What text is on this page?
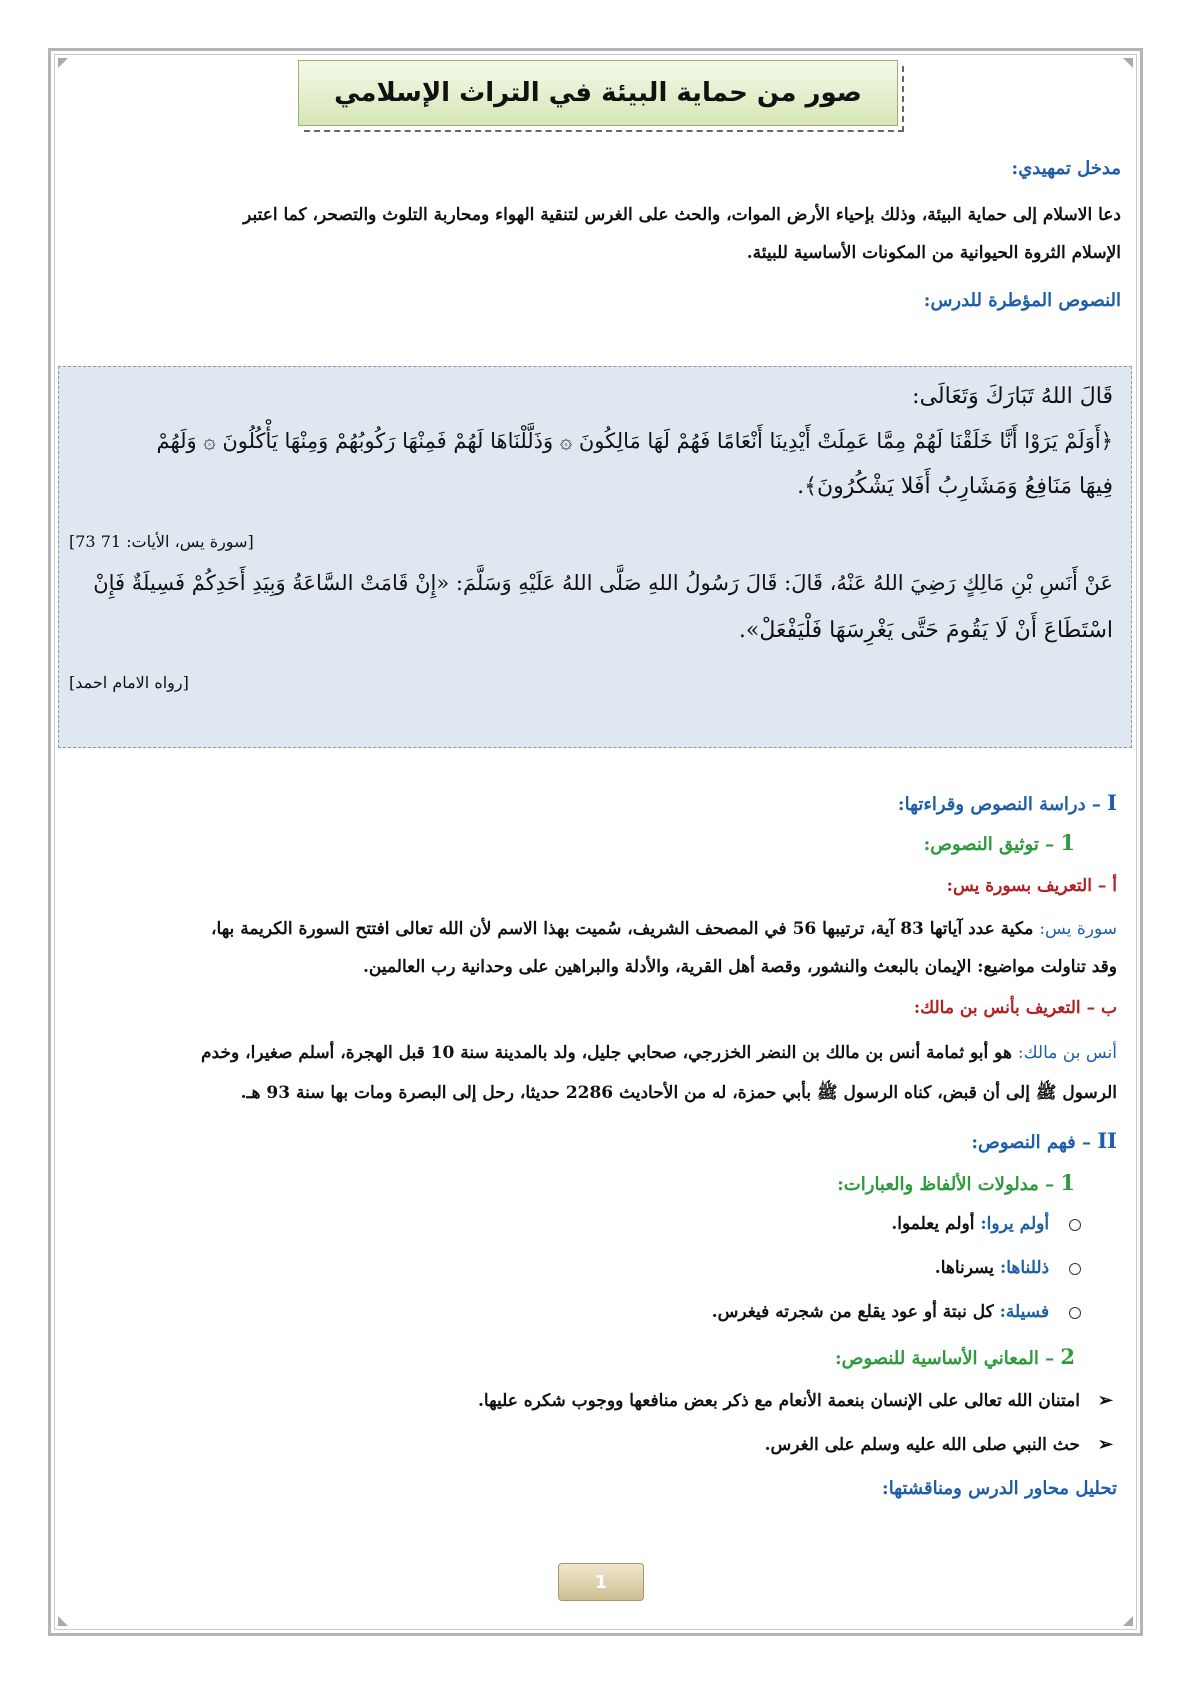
صور من حماية البيئة في التراث الإسلامي
مدخل تمهيدي:
دعا الاسلام إلى حماية البيئة، وذلك بإحياء الأرض الموات، والحث على الغرس لتنقية الهواء ومحاربة التلوث والتصحر، كما اعتبر
الإسلام الثروة الحيوانية من المكونات الأساسية للبيئة.
النصوص المؤطرة للدرس:
قَالَ اللهُ تَبَارَكَ وَتَعَالَى:
﴿أَوَلَمْ يَرَوْا أَنَّا خَلَقْنَا لَهُمْ مِمَّا عَمِلَتْ أَيْدِينَا أَنْعَامًا فَهُمْ لَهَا مَالِكُونَ ۞ وَذَلَّلْنَاهَا لَهُمْ فَمِنْهَا رَكُوبُهُمْ وَمِنْهَا يَأْكُلُونَ ۞ وَلَهُمْ
فِيهَا مَنَافِعُ وَمَشَارِبُ أَفَلا يَشْكُرُونَ﴾.
[سورة يس، الأيات: 71 73]
عَنْ أَنَسِ بْنِ مَالِكٍ رَضِيَ اللهُ عَنْهُ، قَالَ: قَالَ رَسُولُ اللهِ صَلَّى اللهُ عَلَيْهِ وَسَلَّمَ: «إِنْ قَامَتْ السَّاعَةُ وَبِيَدِ أَحَدِكُمْ فَسِيلَةٌ فَإِنْ
اسْتَطَاعَ أَنْ لَا يَقُومَ حَتَّى يَغْرِسَهَا فَلْيَفْعَلْ».
[رواه الامام احمد]
I – دراسة النصوص وقراءتها:
1 – توثيق النصوص:
أ – التعريف بسورة يس:
سورة يس: مكية عدد آياتها 83 آية، ترتيبها 56 في المصحف الشريف، سُميت بهذا الاسم لأن الله تعالى افتتح السورة الكريمة بها،
وقد تناولت مواضيع: الإيمان بالبعث والنشور، وقصة أهل القرية، والأدلة والبراهين على وحدانية رب العالمين.
ب – التعريف بأنس بن مالك:
أنس بن مالك: هو أبو ثمامة أنس بن مالك بن النضر الخزرجي، صحابي جليل، ولد بالمدينة سنة 10 قبل الهجرة، أسلم صغيرا، وخدم
الرسول ﷺ إلى أن قبض، كناه الرسول ﷺ بأبي حمزة، له من الأحاديث 2286 حديثا، رحل إلى البصرة ومات بها سنة 93 هـ.
II – فهم النصوص:
1 – مدلولات الألفاظ والعبارات:
أولم يروا: أولم يعلموا.
ذللناها: يسرناها.
فسيلة: كل نبتة أو عود يقلع من شجرته فيغرس.
2 – المعاني الأساسية للنصوص:
➢ امتنان الله تعالى على الإنسان بنعمة الأنعام مع ذكر بعض منافعها ووجوب شكره عليها.
➢ حث النبي صلى الله عليه وسلم على الغرس.
تحليل محاور الدرس ومناقشتها:
1
